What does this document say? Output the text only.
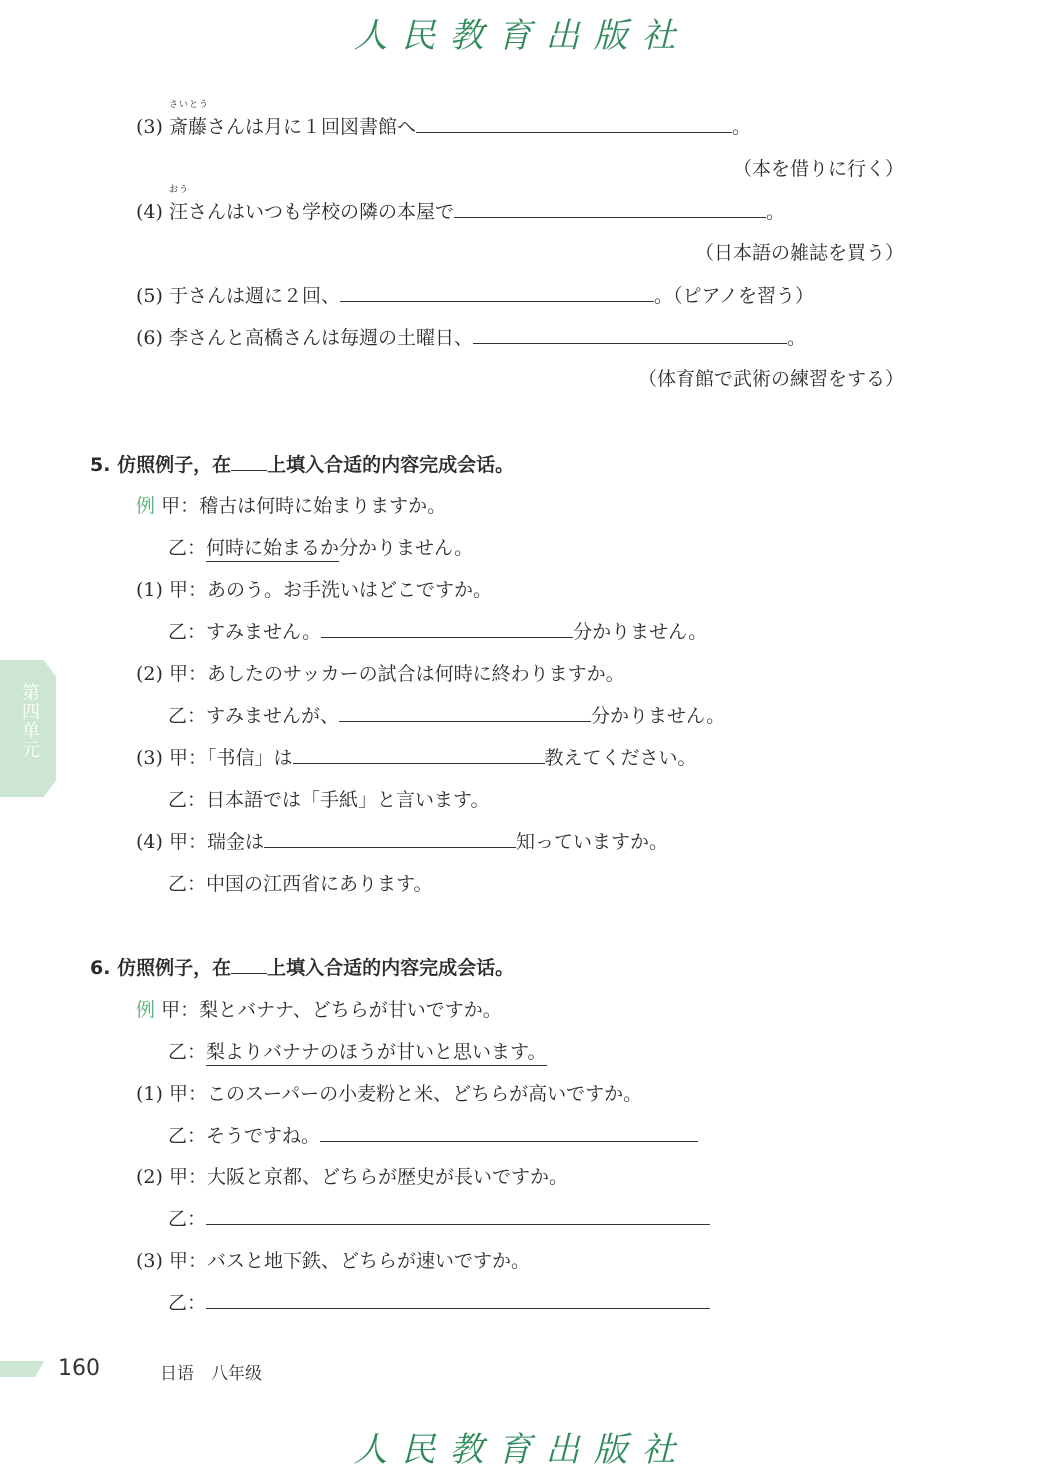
人民教育出版社
(3)
さいとう
斎藤さんは月に１回図書館へ	。
（本を借りに行く）
(4)
おう
汪さんはいつも学校の隣の本屋で	。
（日本語の雑誌を買う）
(5) 于さんは週に２回、	。（ピアノを習う）
(6) 李さんと高橋さんは毎週の土曜日、	。
（体育館で武術の練習をする）
5. 仿照例子，在 上填入合适的内容完成会话。
例 甲：稽古は何時に始まりますか。
乙：何時に始まるか分かりません。
(1) 甲：あのう。お手洗いはどこですか。
乙：すみません。	分かりません。
(2) 甲：あしたのサッカーの試合は何時に終わりますか。
乙：すみませんが、	分かりません。
(3) 甲：「书信」は	教えてください。
乙：日本語では「手紙」と言います。
(4) 甲：瑞金は	知っていますか。
乙：中国の江西省にあります。
6. 仿照例子，在 上填入合适的内容完成会话。
例 甲：梨とバナナ、どちらが甘いですか。
乙：梨よりバナナのほうが甘いと思います。
(1) 甲：このスーパーの小麦粉と米、どちらが高いですか。
乙：そうですね。
(2) 甲：大阪と京都、どちらが歴史が長いですか。
乙：
(3) 甲：バスと地下鉄、どちらが速いですか。
乙：
第四单元
160	日语　八年级
人民教育出版社
